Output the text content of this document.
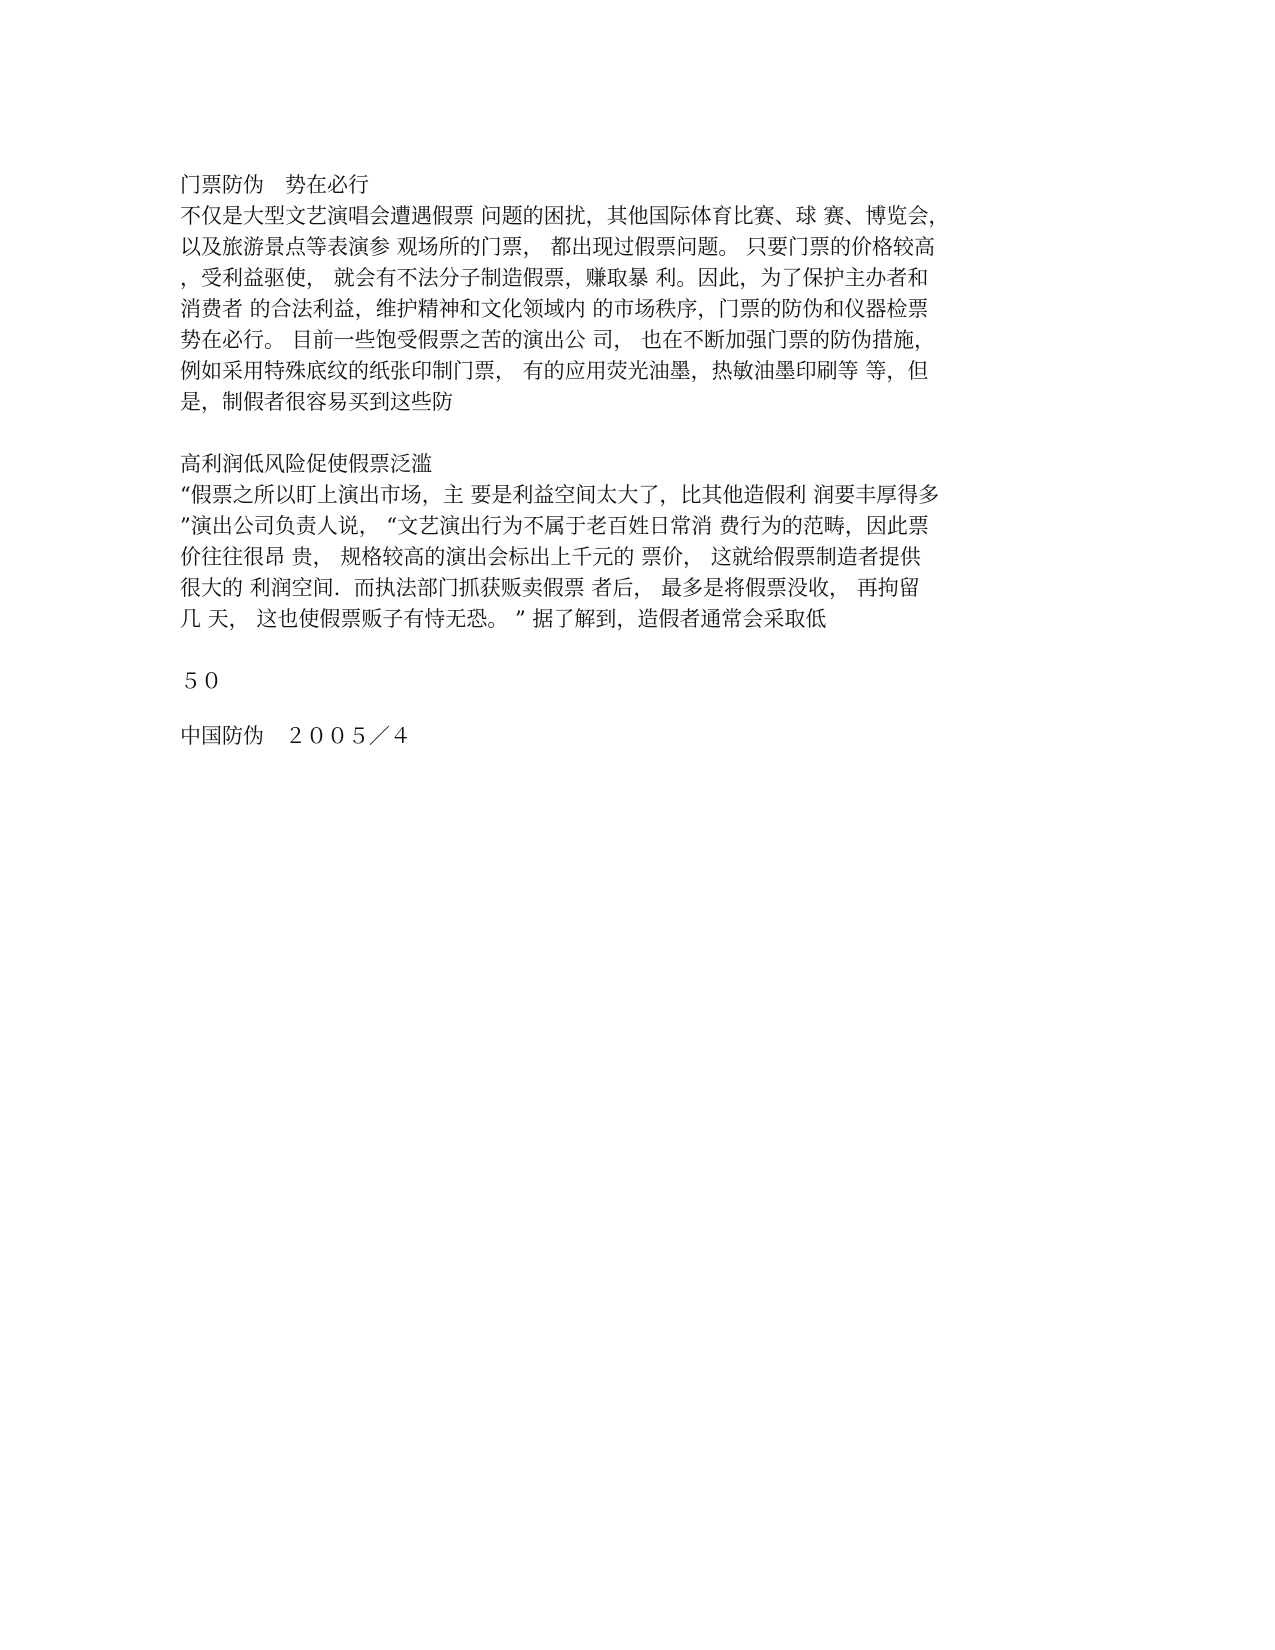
门票防伪　势在必行
不仅是大型文艺演唱会遭遇假票 问题的困扰，其他国际体育比赛、球 赛、博览会，
以及旅游景点等表演参 观场所的门票， 都出现过假票问题。 只要门票的价格较高
，受利益驱使， 就会有不法分子制造假票，赚取暴 利。因此，为了保护主办者和
消费者 的合法利益，维护精神和文化领域内 的市场秩序，门票的防伪和仪器检票
势在必行。 目前一些饱受假票之苦的演出公 司， 也在不断加强门票的防伪措施，
例如采用特殊底纹的纸张印制门票， 有的应用荧光油墨，热敏油墨印刷等 等，但
是，制假者很容易买到这些防
高利润低风险促使假票泛滥
“假票之所以盯上演出市场，主 要是利益空间太大了，比其他造假利 润要丰厚得多
”演出公司负责人说， “文艺演出行为不属于老百姓日常消 费行为的范畴，因此票
价往往很昂 贵， 规格较高的演出会标出上千元的 票价， 这就给假票制造者提供
很大的 利润空间.  而执法部门抓获贩卖假票 者后， 最多是将假票没收， 再拘留
几 天， 这也使假票贩子有恃无恐。 ” 据了解到，造假者通常会采取低

５０

中国防伪　２００５／４
